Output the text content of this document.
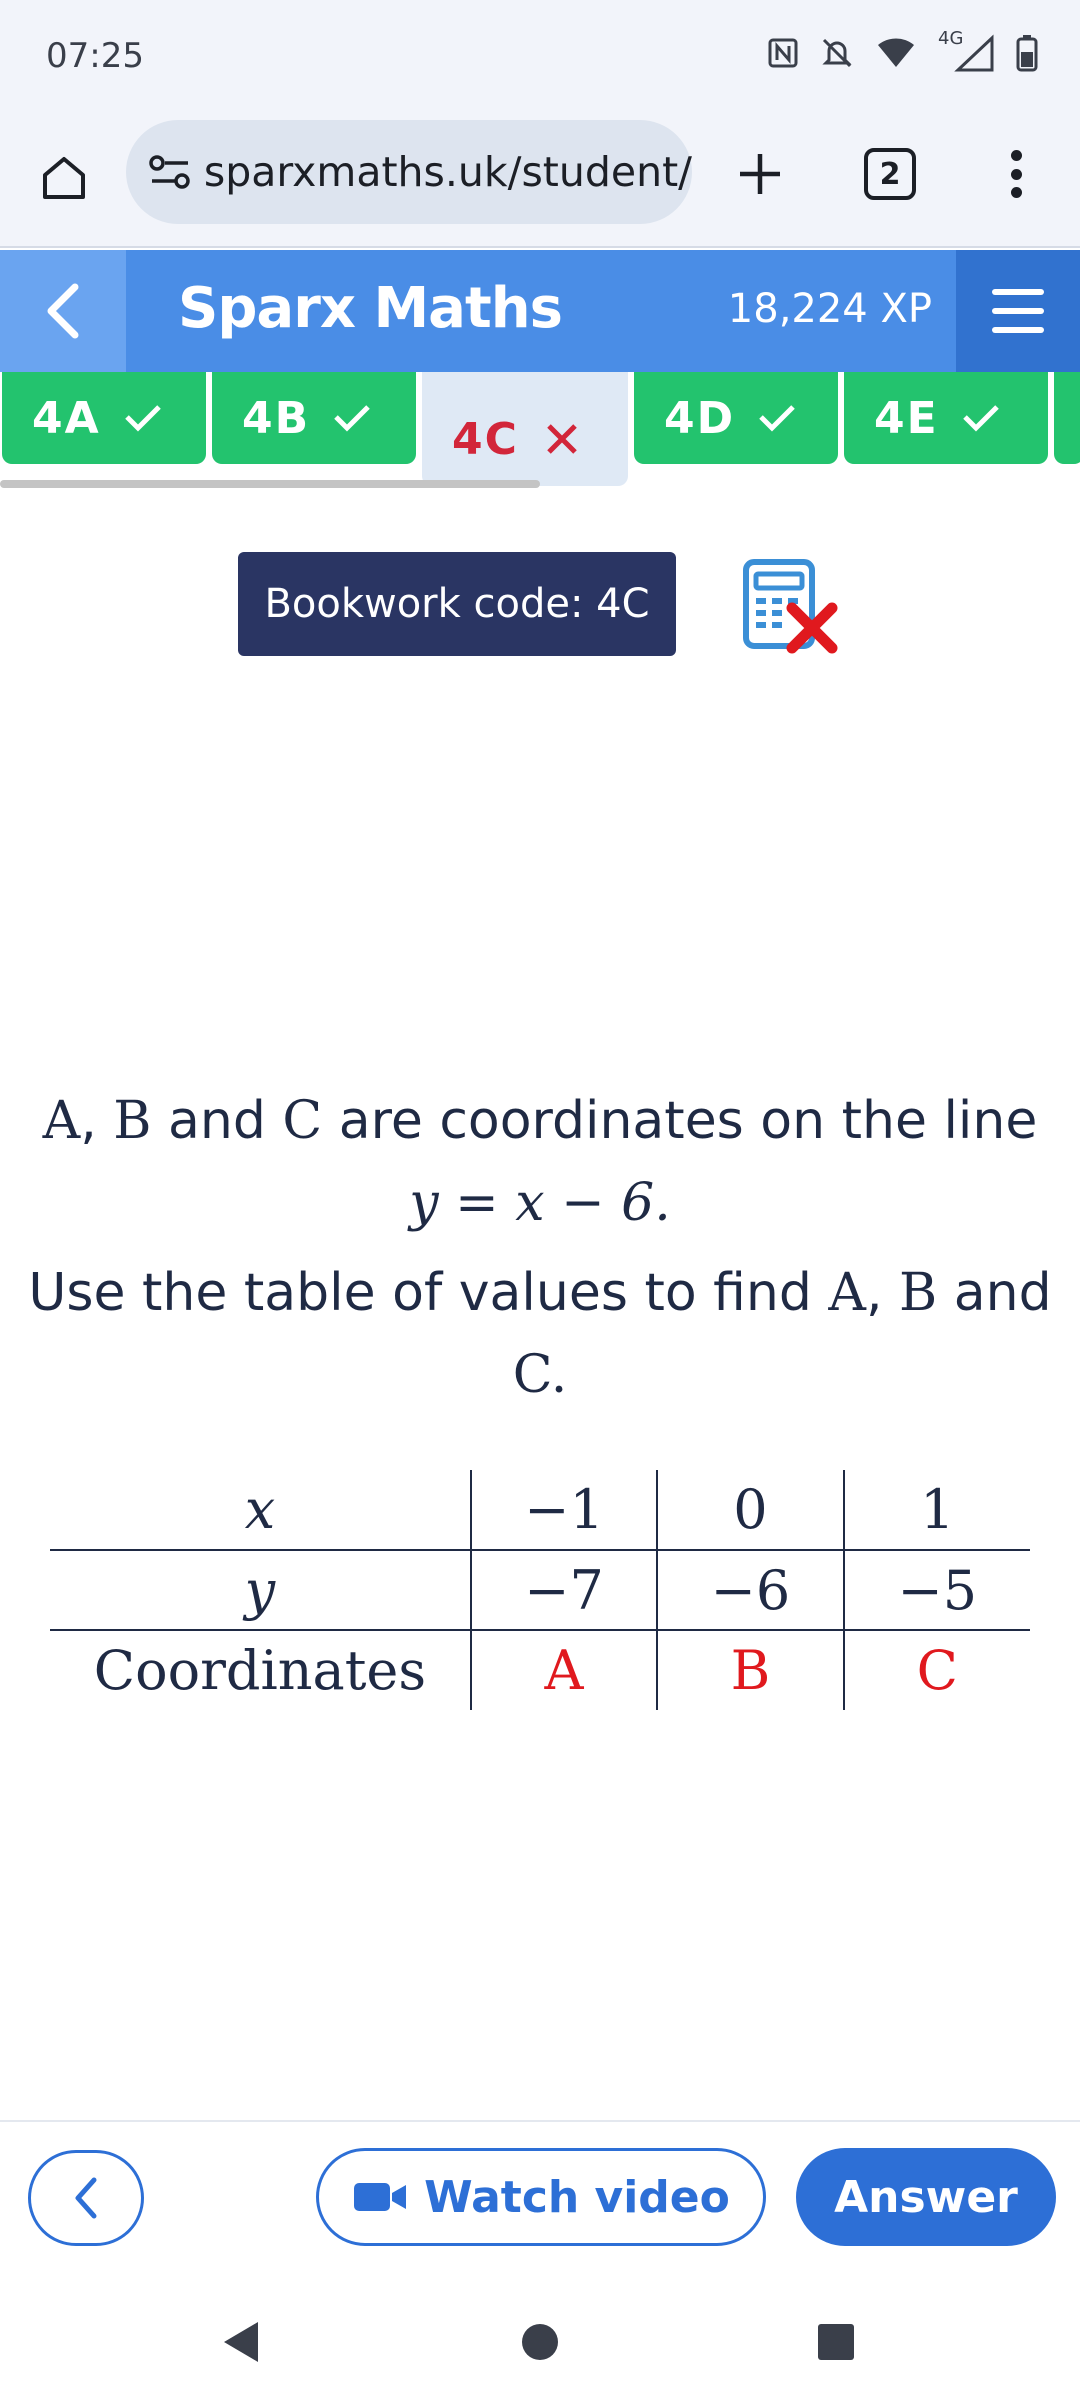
07:25	4G
sparxmaths.uk/student/	2
Sparx Maths	18,224 XP
4A	4B	4C	4D	4E
Bookwork code: 4C
A, B and C are coordinates on the line
y = x − 6.
Use the table of values to find A, B and
C.
x	−1	0	1
y	−7	−6	−5
Coordinates	A	B	C
Watch video	Answer
